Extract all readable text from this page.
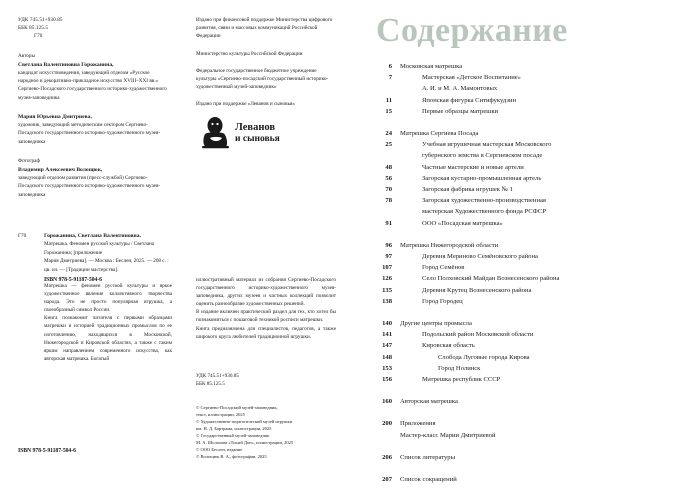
УДК 745.51+930.85
ББК 85.125.5
Г70
Авторы
Светлана Валентиновна Горожанина,
кандидат искусствоведения, заведующий отделом «Русское народное и декоративно-прикладное искусство XVIII–XXI вв.» Сергиево-Посадского государственного историко-художественного музея-заповедника
Мария Юрьевна Дмитриева,
художник, заведующий методическим сектором Сергиево-Посадского государственного историко-художественного музея-заповедника
Фотограф
Владимир Алексеевич Волощюк,
заведующий отделом развития (пресс-службой) Сергиево-Посадского государственного историко-художественного музея-заповедника
Издано при финансовой поддержке Министерства цифрового развития, связи и массовых коммуникаций Российской Федерации
Министерство культуры Российской Федерации
Федеральное государственное бюджетное учреждение культуры «Сергиево-посадский государственный историко-художественный музей-заповедник»
Издано при поддержке «Леванов и сыновья»
Леванов
и сыновья
Г70	Горожанина, Светлана Валентиновна.
Матрешка. Феномен русской культуры / Светлана Горожанина; [приложение
Мария Дмитриева]. — Москва : Беслен, 2025. — 208 с. :
цв. ил. — [Традиции мастерства].
ISBN 978-5-91187-504-6

Матрешка — феномен русской культуры и яркое художественное явление коллективного творчества народа. Это не просто популярная игрушка, а своеобразный символ России.

Книга познакомит читателя с первыми образцами матрешки и историей традиционных промыслов по ее изготовлению, находящихся в Московской, Нижегородской и Кировской областях, а также с таким ярким направлением современного искусства, как авторская матрешка. Богатый

иллюстративный материал из собрания Сергиево-Посадского государственного историко-художественного музея-заповедника, других музеев и частных коллекций позволит оценить разнообразие художественных решений.

В издание включен практический раздел для тех, кто хотел бы познакомиться с пошаговой техникой росписи матрешки.

Книга предназначена для специалистов, педагогов, а также широкого круга любителей традиционной игрушки.

УДК 745.51+930.85
ББК 85.125.5
© Сергиево-Посадский музей-заповедник,
текст, иллюстрации, 2025
© Художественно-педагогический музей игрушки
им. Н. Д. Бартрама, иллюстрации, 2025
© Государственный музей-заповедник
М. А. Шолохова «Тихий Дон», иллюстрации, 2025
© ООО Беслен, издание
© Волощюк В. А., фотографии, 2025
ISBN 978-5-91187-504-6
Содержание
6	Московская матрешка
7	Мастерская «Детское Воспитание»
А. И. и М. А. Мамонтовых
11	Японская фигурка Ситифукудзин
15	Первые образцы матрешки
24	Матрешка Сергиева Посада
25	Учебная игрушечная мастерская Московского
губернского земства в Сергиевском посаде
48	Частные мастерские и новые артели
56	Загорская кустарно-промышленная артель
70	Загорская фабрика игрушек № 1
78	Загорская художественно-производственная
мастерская Художественного фонда РСФСР
91	ООО «Посадская матрешка»
96	Матрешка Нижегородской области
97	Деревня Мериново Семёновского района
107	Город Семёнов
126	Село Полховский Майдан Вознесенского района
135	Деревня Крутец Вознесенского района
138	Город Городец
140	Другие центры промысла
141	Подольский район Московской области
147	Кировская область
148	Слобода Луговые города Кирова
153	Город Нолинск
156	Матрешка республик СССР
160	Авторская матрешка
200	Приложения
Мастер-класс Марии Дмитриевой
206	Список литературы
207	Список сокращений
